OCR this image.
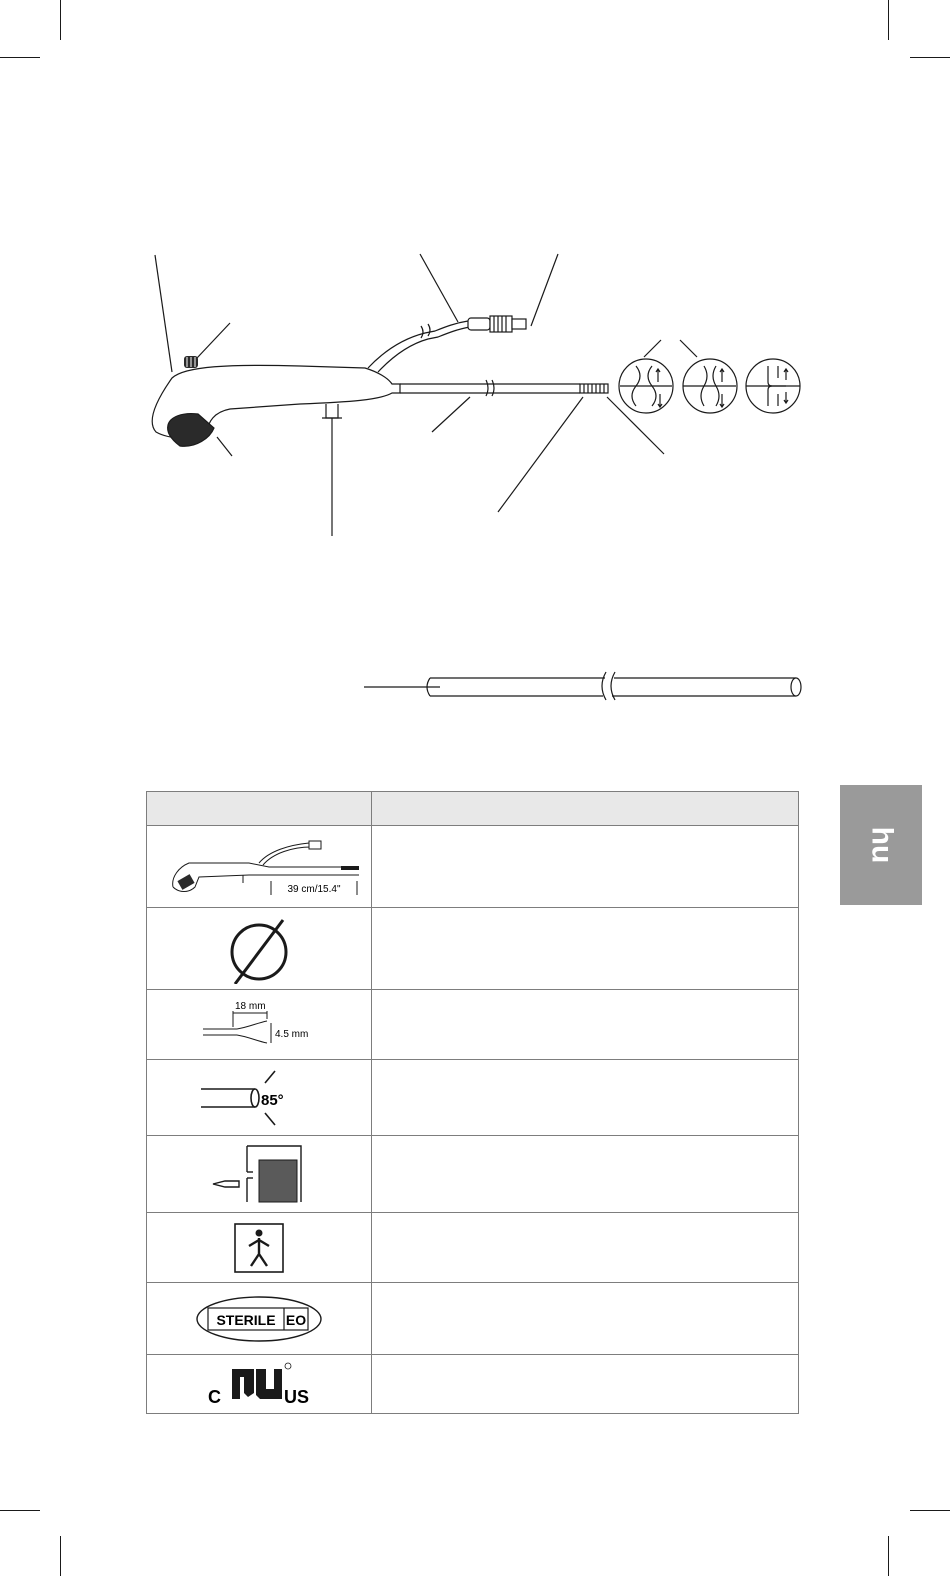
hu

39 cm/15.4"	

18 mm
4.5 mm	

85°	

STERILE EO	

C US	
